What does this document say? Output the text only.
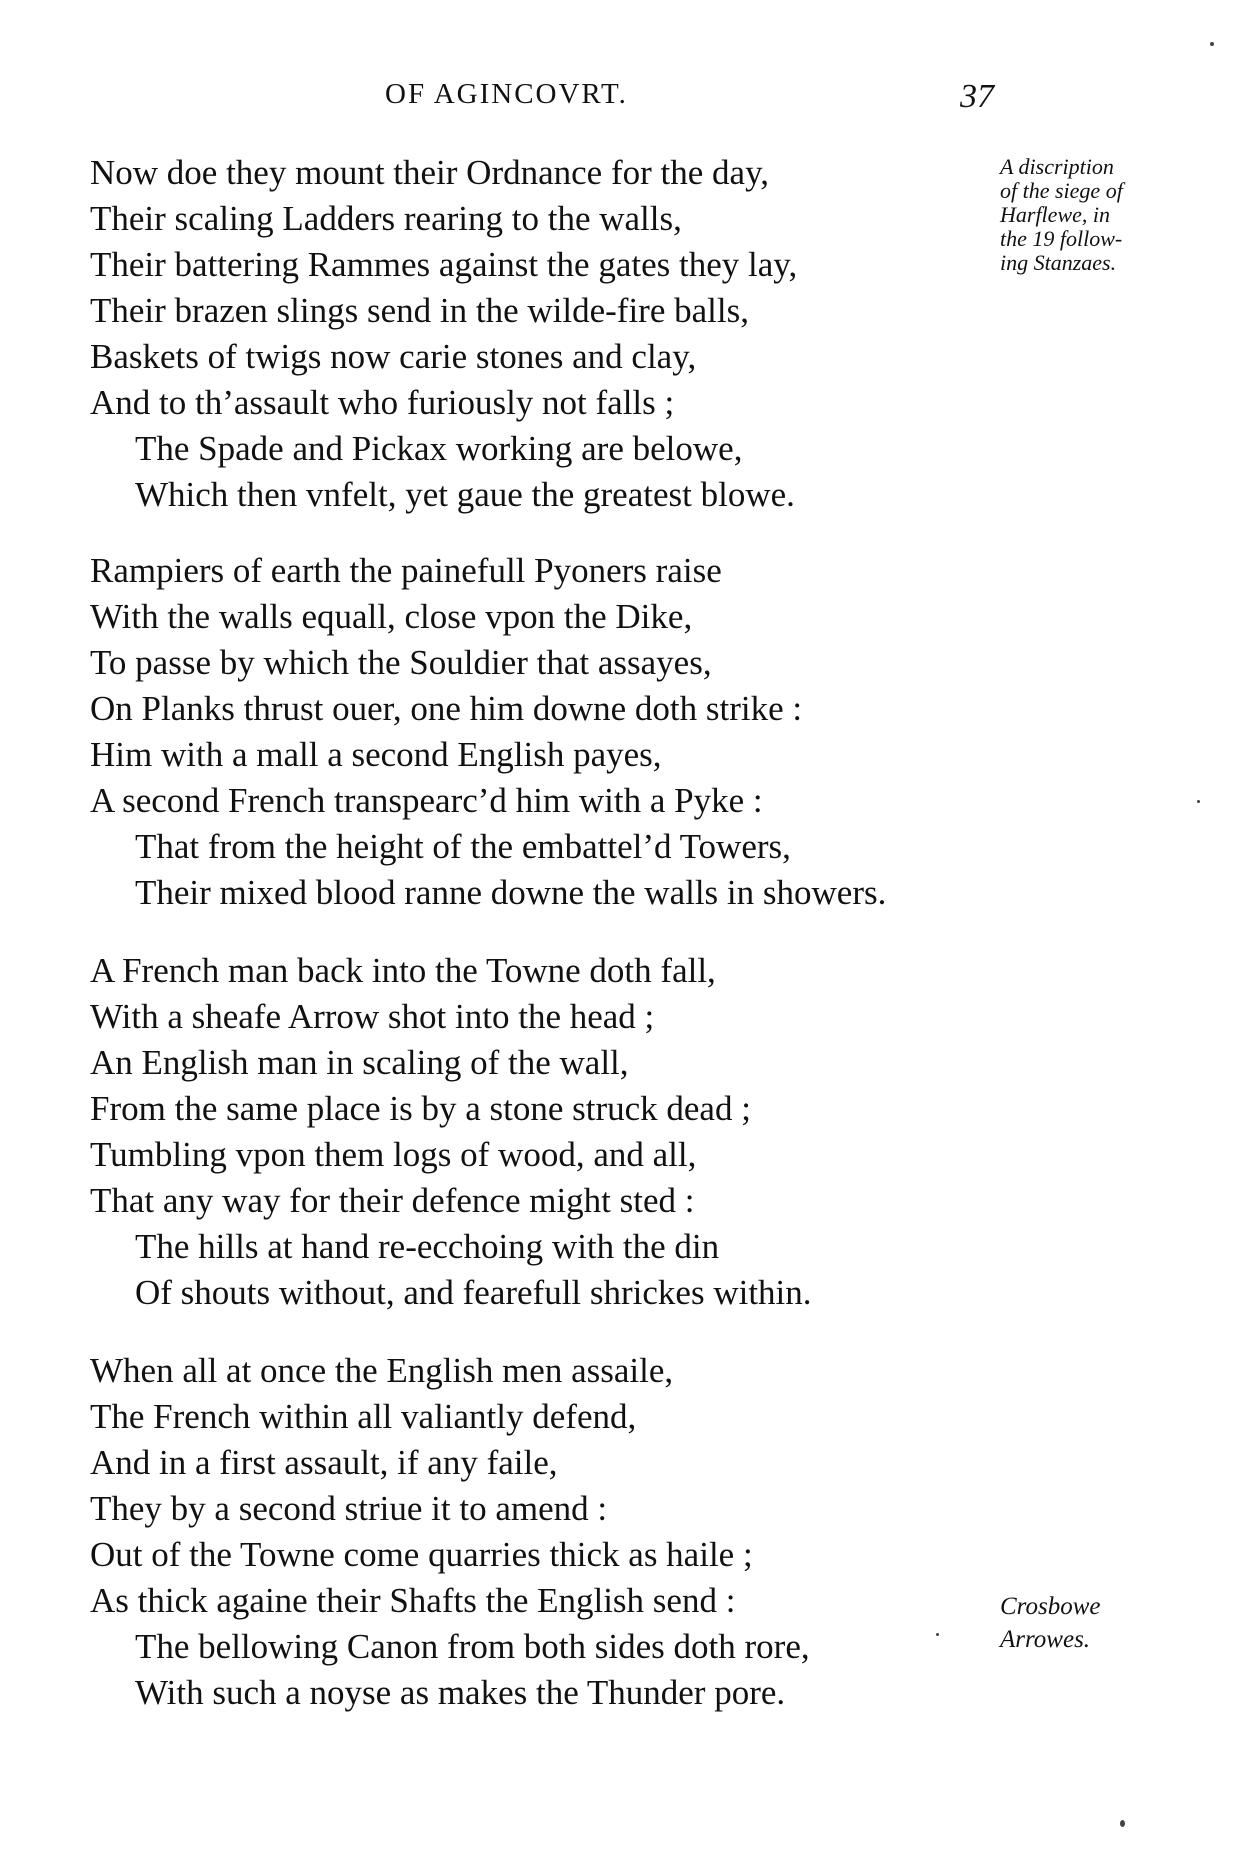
OF AGINCOVRT.	37
Now doe they mount their Ordnance for the day,
Their scaling Ladders rearing to the walls,
Their battering Rammes against the gates they lay,
Their brazen slings send in the wilde-fire balls,
Baskets of twigs now carie stones and clay,
And to th’assault who furiously not falls ;
The Spade and Pickax working are belowe,
Which then vnfelt, yet gaue the greatest blowe.
Rampiers of earth the painefull Pyoners raise
With the walls equall, close vpon the Dike,
To passe by which the Souldier that assayes,
On Planks thrust ouer, one him downe doth strike :
Him with a mall a second English payes,
A second French transpearc’d him with a Pyke :
That from the height of the embattel’d Towers,
Their mixed blood ranne downe the walls in showers.
A French man back into the Towne doth fall,
With a sheafe Arrow shot into the head ;
An English man in scaling of the wall,
From the same place is by a stone struck dead ;
Tumbling vpon them logs of wood, and all,
That any way for their defence might sted :
The hills at hand re-ecchoing with the din
Of shouts without, and fearefull shrickes within.
When all at once the English men assaile,
The French within all valiantly defend,
And in a first assault, if any faile,
They by a second striue it to amend :
Out of the Towne come quarries thick as haile ;
As thick againe their Shafts the English send :
The bellowing Canon from both sides doth rore,
With such a noyse as makes the Thunder pore.
A discription
of the siege of
Harflewe, in
the 19 follow-
ing Stanzaes.
Crosbowe
Arrowes.
